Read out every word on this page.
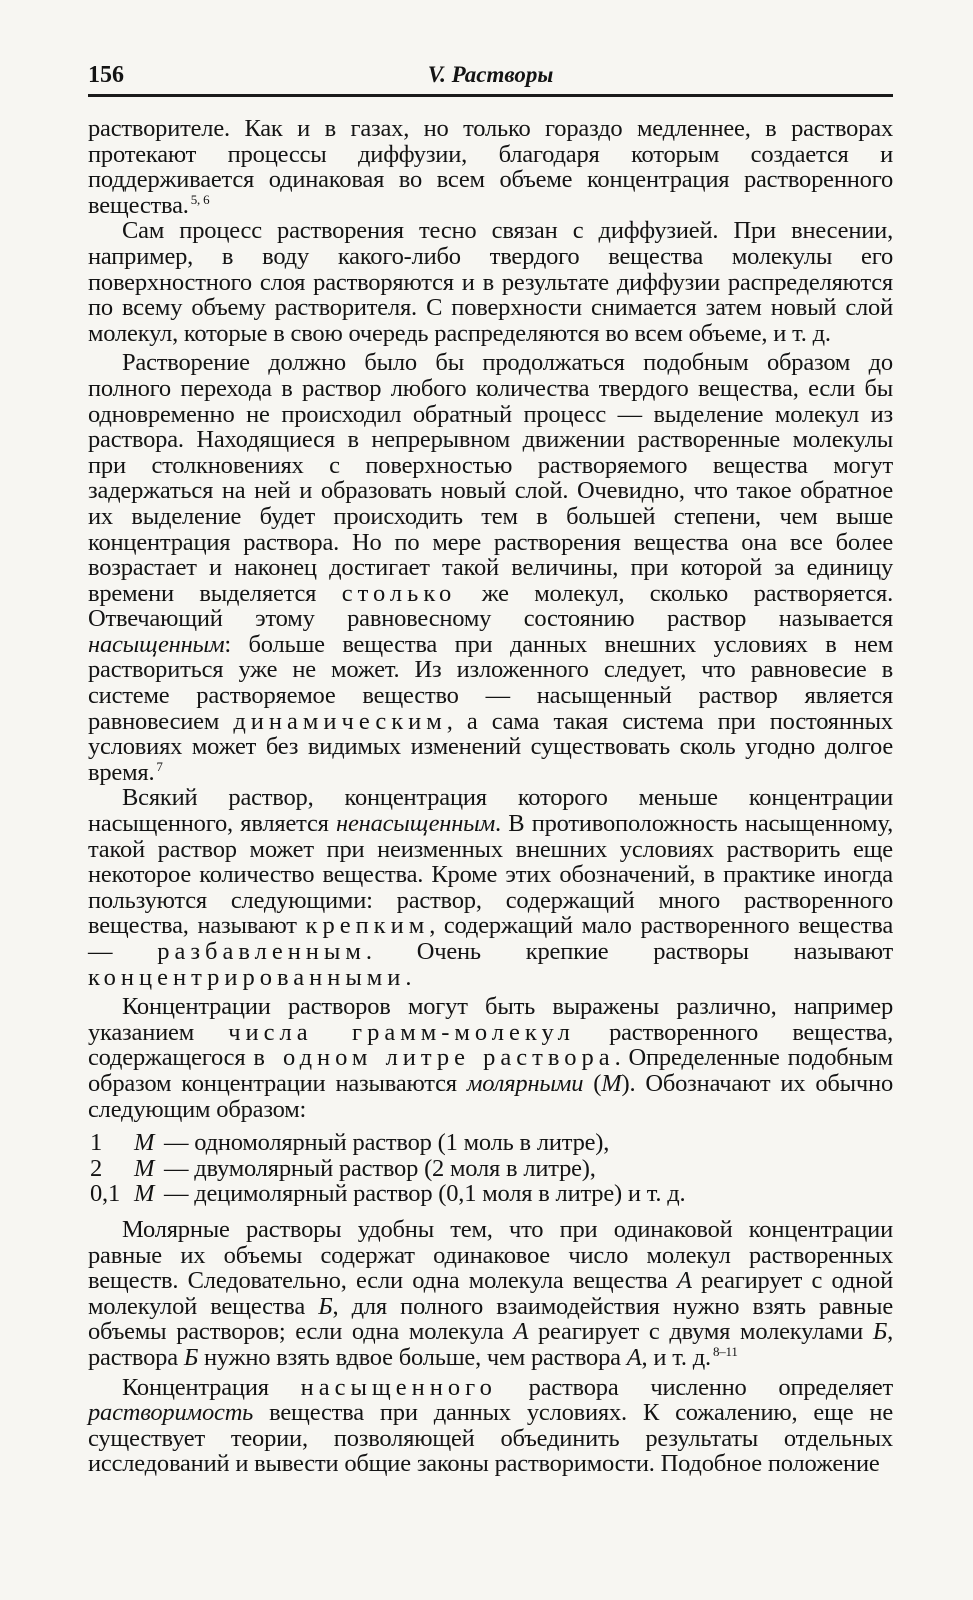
156	V. Растворы

растворителе. Как и в газах, но только гораздо медленнее, в растворах протекают процессы диффузии, благодаря которым создается и поддерживается одинаковая во всем объеме концентрация растворенного вещества. $^{5, 6}$

Сам процесс растворения тесно связан с диффузией. При внесении, например, в воду какого-либо твердого вещества молекулы его поверхностного слоя растворяются и в результате диффузии распределяются по всему объему растворителя. С поверхности снимается затем новый слой молекул, которые в свою очередь распределяются во всем объеме, и т. д.

Растворение должно было бы продолжаться подобным образом до полного перехода в раствор любого количества твердого вещества, если бы одновременно не происходил обратный процесс — выделение молекул из раствора. Находящиеся в непрерывном движении растворенные молекулы при столкновениях с поверхностью растворяемого вещества могут задержаться на ней и образовать новый слой. Очевидно, что такое обратное их выделение будет происходить тем в большей степени, чем выше концентрация раствора. Но по мере растворения вещества она все более возрастает и наконец достигает такой величины, при которой за единицу времени выделяется столько же молекул, сколько растворяется. Отвечающий этому равновесному состоянию раствор называется насыщенным: больше вещества при данных внешних условиях в нем раствориться уже не может. Из изложенного следует, что равновесие в системе растворяемое вещество — насыщенный раствор является равновесием динамическим, а сама такая система при постоянных условиях может без видимых изменений существовать сколь угодно долгое время. $^7$

Всякий раствор, концентрация которого меньше концентрации насыщенного, является ненасыщенным. В противоположность насыщенному, такой раствор может при неизменных внешних условиях растворить еще некоторое количество вещества. Кроме этих обозначений, в практике иногда пользуются следующими: раствор, содержащий много растворенного вещества, называют крепким, содержащий мало растворенного вещества — разбавленным. Очень крепкие растворы называют концентрированными.

Концентрации растворов могут быть выражены различно, например указанием числа грамм-молекул растворенного вещества, содержащегося в одном литре раствора. Определенные подобным образом концентрации называются молярными (М). Обозначают их обычно следующим образом:

1	М — одномолярный раствор (1 моль в литре),
2	М — двумолярный раствор (2 моля в литре),
0,1 М — децимолярный раствор (0,1 моля в литре) и т. д.

Молярные растворы удобны тем, что при одинаковой концентрации равные их объемы содержат одинаковое число молекул растворенных веществ. Следовательно, если одна молекула вещества А реагирует с одной молекулой вещества Б, для полного взаимодействия нужно взять равные объемы растворов; если одна молекула А реагирует с двумя молекулами Б, раствора Б нужно взять вдвое больше, чем раствора А, и т. д. $^{8-11}$

Концентрация насыщенного раствора численно определяет растворимость вещества при данных условиях. К сожалению, еще не существует теории, позволяющей объединить результаты отдельных исследований и вывести общие законы растворимости. Подобное положение
